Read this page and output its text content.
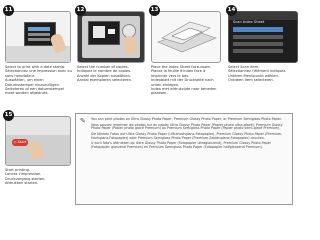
11
Select to print with a date stamp.
Sélectionnez une impression avec ou
sans horodateur.
Auswählen, um einen
Datumsstempel hinzuzufügen.
Selecteren of een datumstempel
moet worden afgedrukt.
12
Select the number of copies.
Indiquez le nombre de copies.
Anzahl der Kopien auswählen.
Aantal exemplaren selecteren.
13
Place the Index Sheet face-down.
Placez la feuille d'index face à
imprimer vers le bas.
Indexblatt mit der Druckseite nach
unten einlegen.
Index met afdrukzijde naar beneden
plaatsen.
14
Scan Index Sheet
Select Scan item.
Sélectionnez l'élément indiquez.
Unteren Menüpunkt wählen.
Ontdeen item selecteren.
15
◇ Start
Start printing.
Lancez l'impression.
Druckvorgang starten.
Afdrukken starten.
✎	You can print photos on Ultra Glossy Photo Paper, Premium Glossy Photo Paper, or Premium Semigloss Photo Paper.

Vous pouvez imprimer les photos sur du papier Ultra Glossy Photo Paper (Papier photo ultra-glacé), Premium Glossy Photo Paper (Papier photo glacé Premium) ou Premium Semigloss Photo Paper (Papier photo semi-glacé Premium).

Sie können Fotos auf Ultra Glossy Photo Paper (Ultrahochglanz-Fotopapier), Premium Glossy Photo Paper (Premium-Hochglanz-Fotopapier) oder Premium Semigloss Photo Paper (Premium-Seidenglanz-Fotopapier) drucken.

U kunt foto's afdrukken op Ultra Glossy Photo Paper (Fotopapier ultraglanzend), Premium Glossy Photo Paper (Fotopapier glanzend Premium) en Premium Semigloss Photo Paper (Fotopapier halfglanzend Premium).
